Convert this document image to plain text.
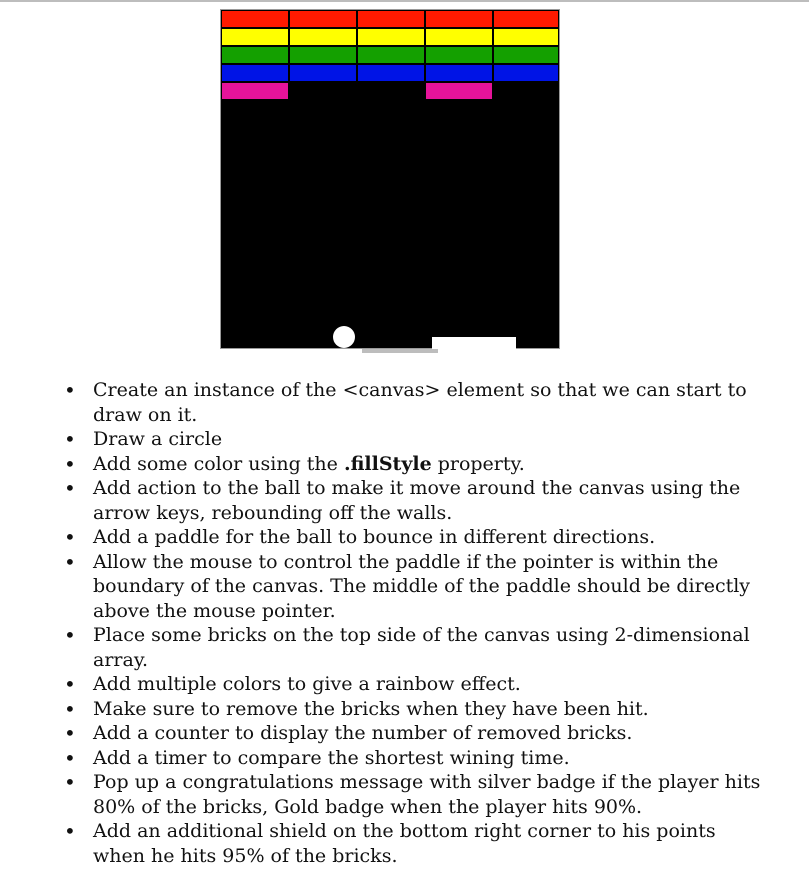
• Create an instance of the <canvas> element so that we can start to draw on it.
• Draw a circle
• Add some color using the .fillStyle property.
• Add action to the ball to make it move around the canvas using the arrow keys, rebounding off the walls.
• Add a paddle for the ball to bounce in different directions.
• Allow the mouse to control the paddle if the pointer is within the boundary of the canvas. The middle of the paddle should be directly above the mouse pointer.
• Place some bricks on the top side of the canvas using 2-dimensional array.
• Add multiple colors to give a rainbow effect.
• Make sure to remove the bricks when they have been hit.
• Add a counter to display the number of removed bricks.
• Add a timer to compare the shortest wining time.
• Pop up a congratulations message with silver badge if the player hits 80% of the bricks, Gold badge when the player hits 90%.
• Add an additional shield on the bottom right corner to his points when he hits 95% of the bricks.
